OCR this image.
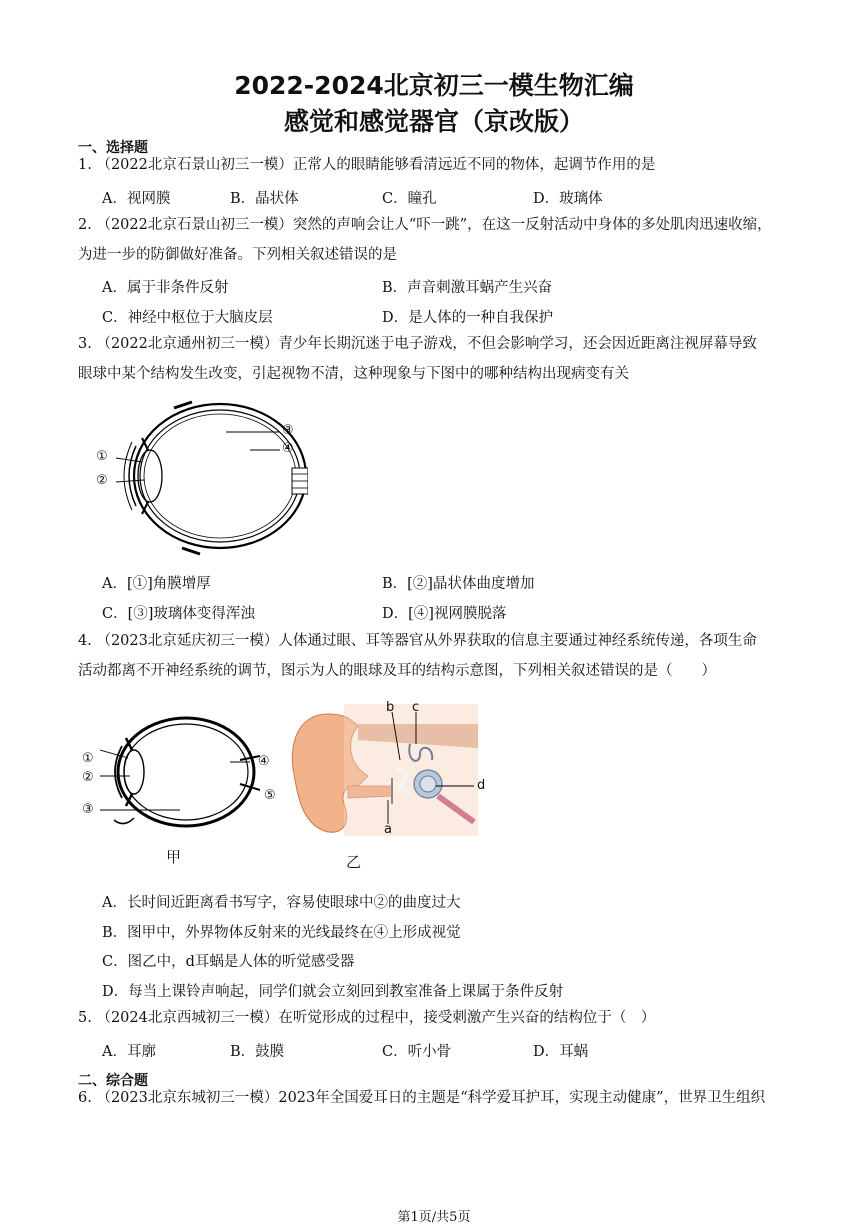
2022-2024北京初三一模生物汇编
感觉和感觉器官（京改版）
一、选择题
1. （2022北京石景山初三一模）正常人的眼睛能够看清远近不同的物体，起调节作用的是
A．视网膜	B．晶状体	C．瞳孔	D．玻璃体
2. （2022北京石景山初三一模）突然的声响会让人“吓一跳”，在这一反射活动中身体的多处肌肉迅速收缩，
为进一步的防御做好准备。下列相关叙述错误的是
A．属于非条件反射	B．声音刺激耳蜗产生兴奋
C．神经中枢位于大脑皮层	D．是人体的一种自我保护
3. （2022北京通州初三一模）青少年长期沉迷于电子游戏，不但会影响学习，还会因近距离注视屏幕导致
眼球中某个结构发生改变，引起视物不清，这种现象与下图中的哪种结构出现病变有关
①
②
③
④
A．[①]角膜增厚	B．[②]晶状体曲度增加
C．[③]玻璃体变得浑浊	D．[④]视网膜脱落
4. （2023北京延庆初三一模）人体通过眼、耳等器官从外界获取的信息主要通过神经系统传递，各项生命
活动都离不开神经系统的调节，图示为人的眼球及耳的结构示意图，下列相关叙述错误的是（　　）
①
②
③
④
⑤
b c
d
a
甲	乙
A．长时间近距离看书写字，容易使眼球中②的曲度过大
B．图甲中，外界物体反射来的光线最终在④上形成视觉
C．图乙中，d耳蜗是人体的听觉感受器
D．每当上课铃声响起，同学们就会立刻回到教室准备上课属于条件反射
5. （2024北京西城初三一模）在听觉形成的过程中，接受刺激产生兴奋的结构位于（　）
A．耳廓	B．鼓膜	C．听小骨	D．耳蜗
二、综合题
6. （2023北京东城初三一模）2023年全国爱耳日的主题是“科学爱耳护耳，实现主动健康”，世界卫生组织
第1页/共5页
